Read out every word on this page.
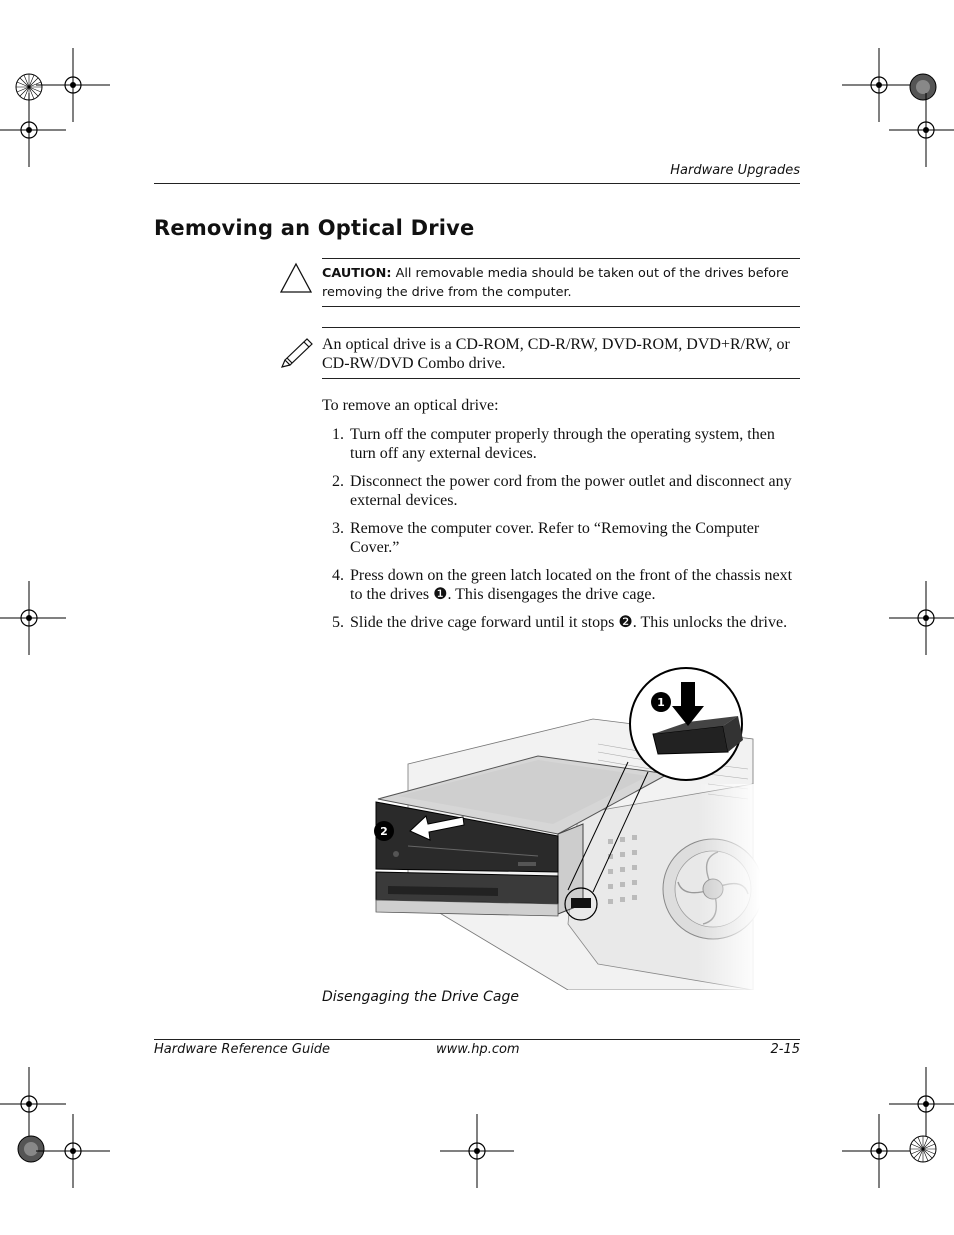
Hardware Upgrades
Removing an Optical Drive
CAUTION: All removable media should be taken out of the drives before removing the drive from the computer.
An optical drive is a CD-ROM, CD-R/RW, DVD-ROM, DVD+R/RW, or CD-RW/DVD Combo drive.
To remove an optical drive:
1. Turn off the computer properly through the operating system, then turn off any external devices.
2. Disconnect the power cord from the power outlet and disconnect any external devices.
3. Remove the computer cover. Refer to “Removing the Computer Cover.”
4. Press down on the green latch located on the front of the chassis next to the drives ❶. This disengages the drive cage.
5. Slide the drive cage forward until it stops ❷. This unlocks the drive.
1
2
Disengaging the Drive Cage
Hardware Reference Guide	www.hp.com	2-15
